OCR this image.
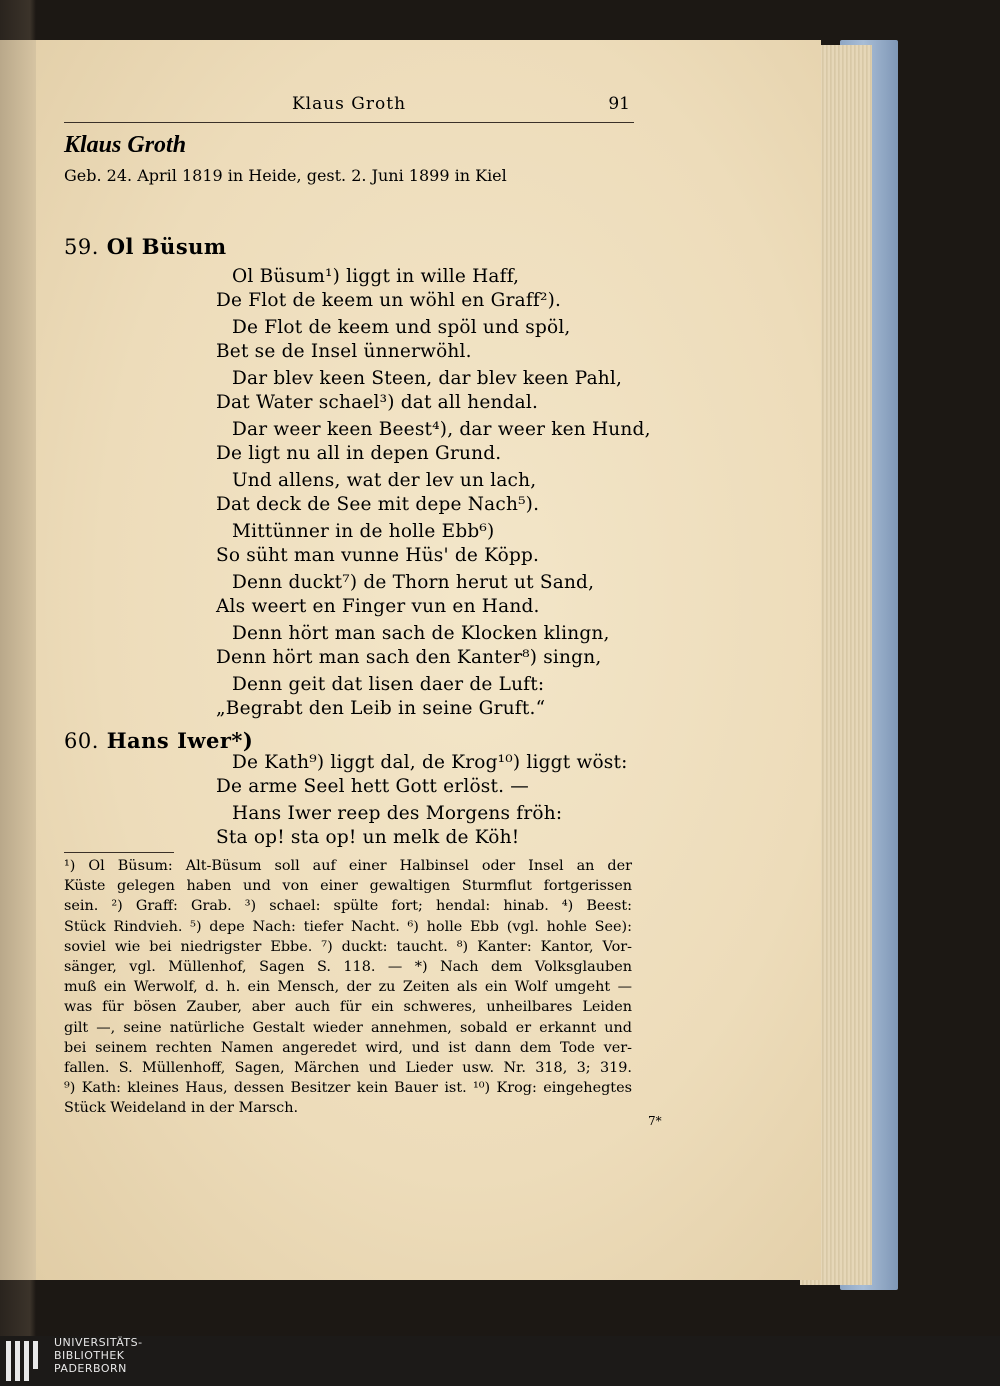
Klaus Groth	91
Klaus Groth
Geb. 24. April 1819 in Heide, gest. 2. Juni 1899 in Kiel
59. Ol Büsum
Ol Büsum¹) liggt in wille Haff,
De Flot de keem un wöhl en Graff²).
De Flot de keem und spöl und spöl,
Bet se de Insel ünnerwöhl.
Dar blev keen Steen, dar blev keen Pahl,
Dat Water schael³) dat all hendal.
Dar weer keen Beest⁴), dar weer ken Hund,
De ligt nu all in depen Grund.
Und allens, wat der lev un lach,
Dat deck de See mit depe Nach⁵).
Mittünner in de holle Ebb⁶)
So süht man vunne Hüs' de Köpp.
Denn duckt⁷) de Thorn herut ut Sand,
Als weert en Finger vun en Hand.
Denn hört man sach de Klocken klingn,
Denn hört man sach den Kanter⁸) singn,
Denn geit dat lisen daer de Luft:
„Begrabt den Leib in seine Gruft.“
60. Hans Iwer*)
De Kath⁹) liggt dal, de Krog¹⁰) liggt wöst:
De arme Seel hett Gott erlöst. —
Hans Iwer reep des Morgens fröh:
Sta op! sta op! un melk de Köh!
¹) Ol Büsum: Alt-Büsum soll auf einer Halbinsel oder Insel an der
Küste gelegen haben und von einer gewaltigen Sturmflut fortgerissen
sein. ²) Graff: Grab. ³) schael: spülte fort; hendal: hinab. ⁴) Beest:
Stück Rindvieh. ⁵) depe Nach: tiefer Nacht. ⁶) holle Ebb (vgl. hohle See):
soviel wie bei niedrigster Ebbe. ⁷) duckt: taucht. ⁸) Kanter: Kantor, Vor-
sänger, vgl. Müllenhof, Sagen S. 118. — *) Nach dem Volksglauben
muß ein Werwolf, d. h. ein Mensch, der zu Zeiten als ein Wolf umgeht —
was für bösen Zauber, aber auch für ein schweres, unheilbares Leiden
gilt —, seine natürliche Gestalt wieder annehmen, sobald er erkannt und
bei seinem rechten Namen angeredet wird, und ist dann dem Tode ver-
fallen. S. Müllenhoff, Sagen, Märchen und Lieder usw. Nr. 318, 3; 319.
⁹) Kath: kleines Haus, dessen Besitzer kein Bauer ist. ¹⁰) Krog: eingehegtes
Stück Weideland in der Marsch.
7*
UNIVERSITÄTS-
BIBLIOTHEK
PADERBORN
